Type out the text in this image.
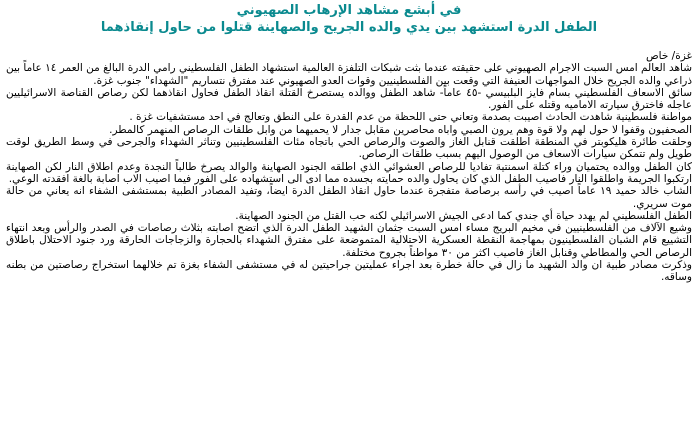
في أبشع مشاهد الإرهاب الصهيوني
الطفل الدرة استشهد بين يدي والده الجريح والصهاينة قتلوا من حاول إنقاذهما

غزة/ خاص

شاهد العالم امس السبت الاجرام الصهيوني على حقيقته عندما بثت شبكات التلفزة العالمية استشهاد الطفل الفلسطيني رامي الدرة البالغ من العمر ١٤ عاماً بين ذراعي والده الجريح خلال المواجهات العنيفة التي وقعت بين الفلسطينيين وقوات العدو الصهيوني عند مفترق نتساريم "الشهداء" جنوب غزة.

سائق الاسعاف الفلسطيني بسام فايز البلبيسي -٤٥ عاماً- شاهد الطفل ووالده يستصرخ القتلة انقاذ الطفل فحاول انقاذهما لكن رصاص القناصة الاسرائيليين عاجله فاخترق سيارته الاماميه وقتله على الفور.

مواطنة فلسطينية شاهدت الحادث اصيبت بصدمة وتعاني حتى اللحظة من عدم القدرة على النطق وتعالج في احد مستشفيات غزة .

الصحفيون وقفوا لا حول لهم ولا قوة وهم يرون الصبي واباه محاصرين مقابل جدار لا يحميهما من وابل طلقات الرصاص المنهمر كالمطر.

وحلقت طائرة هليكوبتر في المنطقة اطلقت قنابل الغاز والصوت والرصاص الحي باتجاه مئات الفلسطينيين وتناثر الشهداء والجرحى في وسط الطريق لوقت طويل ولم تتمكن سيارات الاسعاف من الوصول اليهم بسبب طلقات الرصاص.

كان الطفل ووالده يحتميان وراء كتلة اسمنتية تفاديا للرصاص العشوائي الذي اطلقه الجنود الصهاينة والوالد يصرخ طالباً النجدة وعدم اطلاق النار لكن الصهاينة ارتكبوا الجريمة واطلقوا النار فاصيب الطفل الذي كان يحاول والده حمايته بجسده مما ادى الى استشهاده على الفور فيما اصيب الاب اصابة بالغة افقدته الوعي.

الشاب خالد حميد ١٩ عاماً اصيب في رأسه برصاصة متفجرة عندما حاول انقاذ الطفل الدرة ايضاً، وتفيد المصادر الطبية بمستشفى الشفاء انه يعاني من حالة موت سريري.

الطفل الفلسطيني لم يهدد حياة أي جندي كما ادعى الجيش الاسرائيلي لكنه حب القتل من الجنود الصهاينة.

وشيع الآلاف من الفلسطينيين في مخيم البريج مساء امس السبت جثمان الشهيد الطفل الدرة الذي اتضح اصابته بثلاث رصاصات في الصدر والرأس وبعد انتهاء التشييع قام الشبان الفلسطينيون بمهاجمة النقطة العسكرية الاحتلالية المتموضعة على مفترق الشهداء بالحجارة والزجاجات الحارقة ورد جنود الاحتلال باطلاق الرصاص الحي والمطاطي وقنابل الغاز فاصيب اكثر من ٣٠ مواطناً بجروح مختلفة.

وذكرت مصادر طبية ان والد الشهيد ما زال في حالة خطرة بعد اجراء عمليتين جراحيتين له في مستشفى الشفاء بغزة تم خلالهما استخراج رصاصتين من بطنه وساقه.
